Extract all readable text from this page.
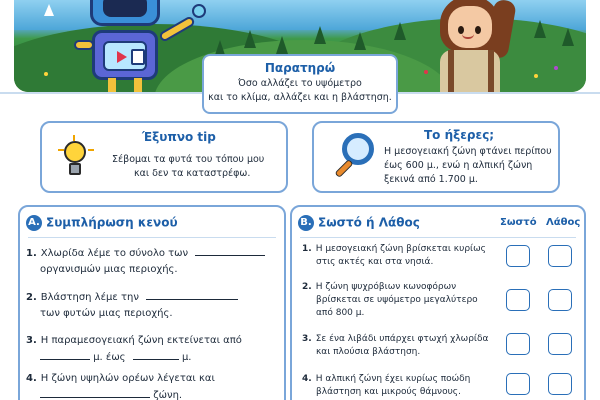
Παρατηρώ
Όσο αλλάζει το υψόμετρο
και το κλίμα, αλλάζει και η βλάστηση.
Έξυπνο tip
Σέβομαι τα φυτά του τόπου μου
και δεν τα καταστρέφω.
Το ήξερες;
Η μεσογειακή ζώνη φτάνει περίπου
έως 600 μ., ενώ η αλπική ζώνη
ξεκινά από 1.700 μ.
A. Συμπλήρωση κενού
1. Χλωρίδα λέμε το σύνολο των
οργανισμών μιας περιοχής.
2. Βλάστηση λέμε την
των φυτών μιας περιοχής.
3. Η παραμεσογειακή ζώνη εκτείνεται από
μ. έως	μ.
4. Η ζώνη υψηλών ορέων λέγεται και
ζώνη.
B. Σωστό ή Λάθος
1. Η μεσογειακή ζώνη βρίσκεται κυρίως
στις ακτές και στα νησιά.
2. Η ζώνη ψυχρόβιων κωνοφόρων
βρίσκεται σε υψόμετρο μεγαλύτερο
από 800 μ.
3. Σε ένα λιβάδι υπάρχει φτωχή χλωρίδα
και πλούσια βλάστηση.
4. Η αλπική ζώνη έχει κυρίως ποώδη
βλάστηση και μικρούς θάμνους.
Σωστό Λάθος
